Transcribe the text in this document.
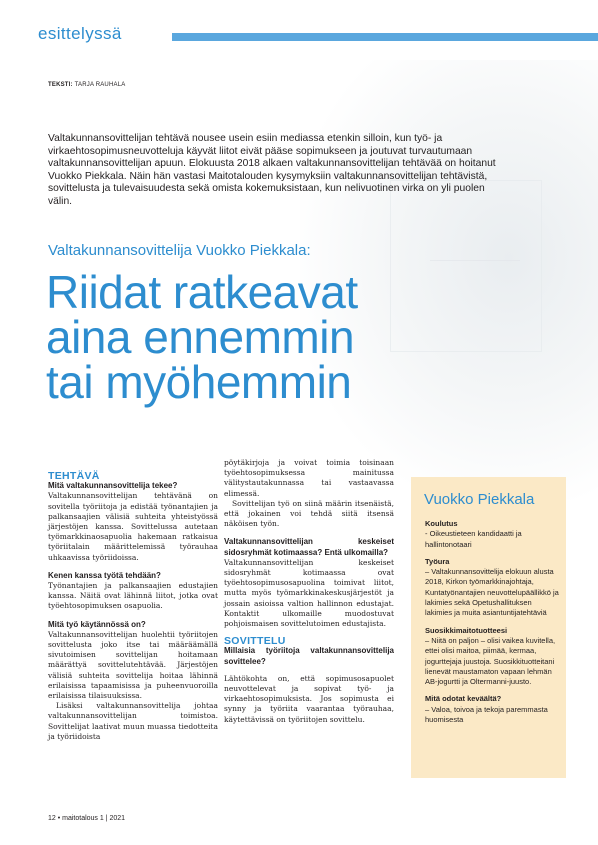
esittelyssä
TEKSTI: TARJA RAUHALA
Valtakunnansovittelijan tehtävä nousee usein esiin mediassa etenkin silloin, kun työ- ja virkaehtosopimusneuvotteluja käyvät liitot eivät pääse sopimukseen ja joutuvat turvautumaan valtakunnansovittelijan apuun. Elokuusta 2018 alkaen valtakunnansovittelijan tehtävää on hoitanut Vuokko Piekkala. Näin hän vastasi Maitotalouden kysymyksiin valtakunnansovittelijan tehtävistä, sovittelusta ja tulevaisuudesta sekä omista kokemuksistaan, kun nelivuotinen virka on yli puolen välin.
Valtakunnansovittelija Vuokko Piekkala:
Riidat ratkeavat
aina ennemmin
tai myöhemmin

TEHTÄVÄ

Mitä valtakunnansovittelija tekee?

Valtakunnansovittelijan tehtävänä on sovitella työriitoja ja edistää työnantajien ja palkansaajien välisiä suhteita yhteistyössä järjestöjen kanssa. Sovittelussa autetaan työmarkkinaosapuolia hakemaan ratkaisua työriitalain määrittelemissä työrauhaa uhkaavissa työriidoissa.

Kenen kanssa työtä tehdään?

Työnantajien ja palkansaajien edustajien kanssa. Näitä ovat lähinnä liitot, jotka ovat työehtosopimuksen osapuolia.

Mitä työ käytännössä on?

Valtakunnansovittelijan huolehtii työriitojen sovittelusta joko itse tai määräämällä sivutoimisen sovittelijan hoitamaan määrättyä sovittelutehtävää. Järjestöjen välisiä suhteita sovittelija hoitaa lähinnä erilaisissa tapaamisissa ja puheenvuoroilla erilaisissa tilaisuuksissa.

Lisäksi valtakunnansovittelija johtaa valtakunnansovittelijan toimistoa. Sovittelijat laativat muun muassa tiedotteita ja työriidoista

pöytäkirjoja ja voivat toimia toisinaan työehtosopimuksessa mainitussa välitystautakunnassa tai vastaavassa elimessä.

Sovittelijan työ on siinä määrin itsenäistä, että jokainen voi tehdä siitä itsensä näköisen työn.

Valtakunnansovittelijan keskeiset sidosryhmät kotimaassa? Entä ulkomailla?

Valtakunnansovittelijan keskeiset sidosryhmät kotimaassa ovat työehtosopimusosapuolina toimivat liitot, mutta myös työmarkkinakeskusjärjestöt ja jossain asioissa valtion hallinnon edustajat. Kontaktit ulkomaille muodostuvat pohjoismaisen sovittelutoimen edustajista.

SOVITTELU

Millaisia työriitoja valtakunnansovittelija sovittelee?

Lähtökohta on, että sopimusosapuolet neuvottelevat ja sopivat työ- ja virkaehtosopimuksista. Jos sopimusta ei synny ja työriita vaarantaa työrauhaa, käytettävissä on työriitojen sovittelu.

Vuokko Piekkala

Koulutus

- Oikeustieteen kandidaatti ja hallintonotaari

Työura

– Valtakunnansovittelija elokuun alusta 2018, Kirkon työmarkkinajohtaja, Kuntatyönantajien neuvottelupäällikkö ja lakimies sekä Opetushallituksen lakimies ja muita asiantuntijatehtäviä

Suosikkimaitotuotteesi

– Niitä on paljon – olisi vaikea kuvitella, ettei olisi maitoa, piimää, kermaa, jogurttejaja juustoja. Suosikkituotteitani lienevät maustamaton vapaan lehmän AB-jogurtti ja Oltermanni-juusto.

Mitä odotat keväältä?

– Valoa, toivoa ja tekoja paremmasta huomisesta

12 • maitotalous 1 | 2021
